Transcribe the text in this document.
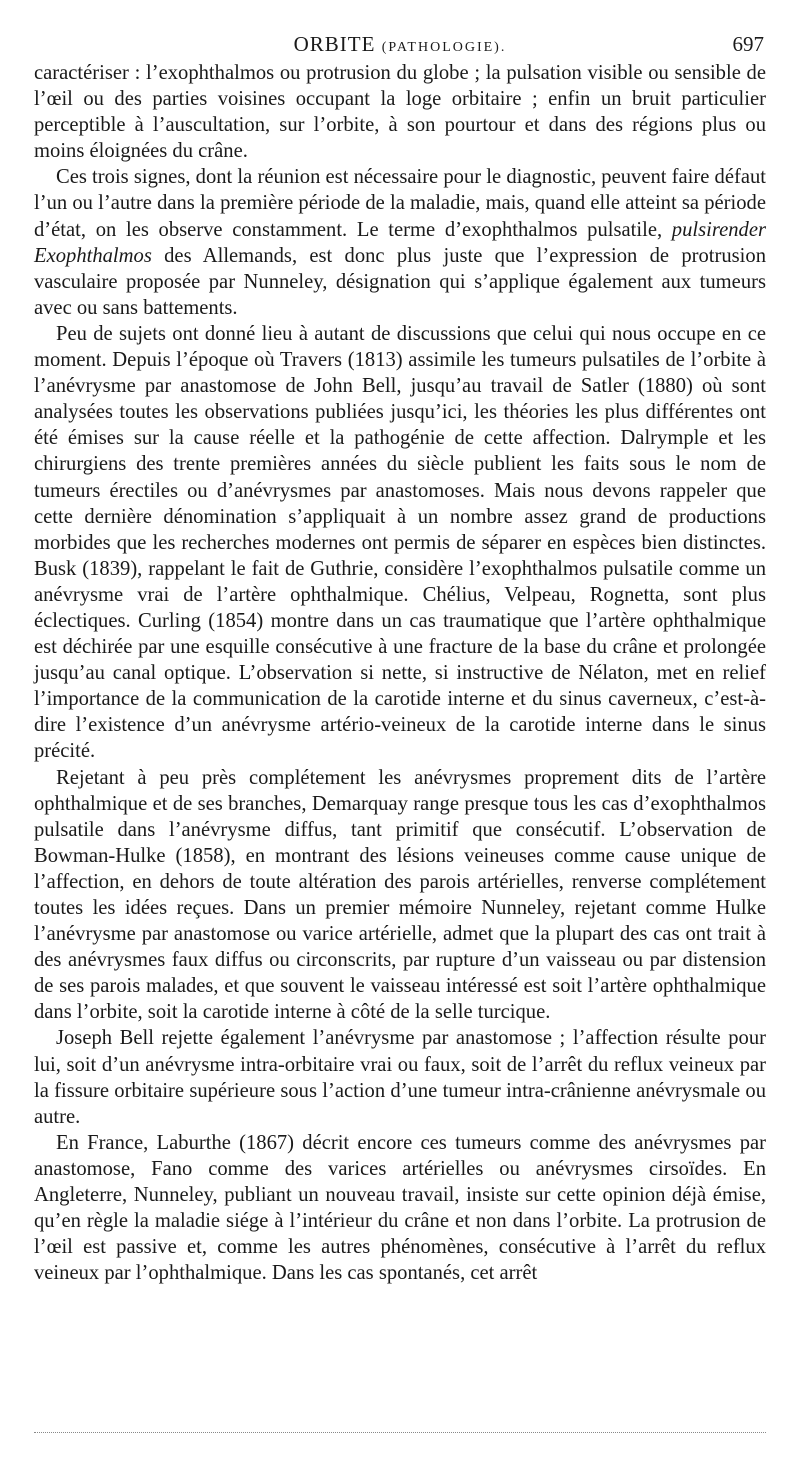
ORBITE (PATHOLOGIE).	697

caractériser : l’exophthalmos ou protrusion du globe ; la pulsation visible ou sensible de l’œil ou des parties voisines occupant la loge orbitaire ; enfin un bruit particulier perceptible à l’auscultation, sur l’orbite, à son pourtour et dans des régions plus ou moins éloignées du crâne.

Ces trois signes, dont la réunion est nécessaire pour le diagnostic, peuvent faire défaut l’un ou l’autre dans la première période de la maladie, mais, quand elle atteint sa période d’état, on les observe constamment. Le terme d’exophthalmos pulsatile, pulsirender Exophthalmos des Allemands, est donc plus juste que l’expression de protrusion vasculaire proposée par Nunneley, désignation qui s’applique également aux tumeurs avec ou sans battements.

Peu de sujets ont donné lieu à autant de discussions que celui qui nous occupe en ce moment. Depuis l’époque où Travers (1813) assimile les tumeurs pulsatiles de l’orbite à l’anévrysme par anastomose de John Bell, jusqu’au travail de Satler (1880) où sont analysées toutes les observations publiées jusqu’ici, les théories les plus différentes ont été émises sur la cause réelle et la pathogénie de cette affection. Dalrymple et les chirurgiens des trente premières années du siècle publient les faits sous le nom de tumeurs érectiles ou d’anévrysmes par anastomoses. Mais nous devons rappeler que cette dernière dénomination s’appliquait à un nombre assez grand de productions morbides que les recherches modernes ont permis de séparer en espèces bien distinctes. Busk (1839), rappelant le fait de Guthrie, considère l’exophthalmos pulsatile comme un anévrysme vrai de l’artère ophthalmique. Chélius, Velpeau, Rognetta, sont plus éclectiques. Curling (1854) montre dans un cas traumatique que l’artère ophthalmique est déchirée par une esquille consécutive à une fracture de la base du crâne et prolongée jusqu’au canal optique. L’observation si nette, si instructive de Nélaton, met en relief l’importance de la communication de la carotide interne et du sinus caverneux, c’est-à-dire l’existence d’un anévrysme artério-veineux de la carotide interne dans le sinus précité.

Rejetant à peu près complétement les anévrysmes proprement dits de l’artère ophthalmique et de ses branches, Demarquay range presque tous les cas d’exophthalmos pulsatile dans l’anévrysme diffus, tant primitif que consécutif. L’observation de Bowman-Hulke (1858), en montrant des lésions veineuses comme cause unique de l’affection, en dehors de toute altération des parois artérielles, renverse complétement toutes les idées reçues. Dans un premier mémoire Nunneley, rejetant comme Hulke l’anévrysme par anastomose ou varice artérielle, admet que la plupart des cas ont trait à des anévrysmes faux diffus ou circonscrits, par rupture d’un vaisseau ou par distension de ses parois malades, et que souvent le vaisseau intéressé est soit l’artère ophthalmique dans l’orbite, soit la carotide interne à côté de la selle turcique.

Joseph Bell rejette également l’anévrysme par anastomose ; l’affection résulte pour lui, soit d’un anévrysme intra-orbitaire vrai ou faux, soit de l’arrêt du reflux veineux par la fissure orbitaire supérieure sous l’action d’une tumeur intra-crânienne anévrysmale ou autre.

En France, Laburthe (1867) décrit encore ces tumeurs comme des anévrysmes par anastomose, Fano comme des varices artérielles ou anévrysmes cirsoïdes. En Angleterre, Nunneley, publiant un nouveau travail, insiste sur cette opinion déjà émise, qu’en règle la maladie siége à l’intérieur du crâne et non dans l’orbite. La protrusion de l’œil est passive et, comme les autres phénomènes, consécutive à l’arrêt du reflux veineux par l’ophthalmique. Dans les cas spontanés, cet arrêt
